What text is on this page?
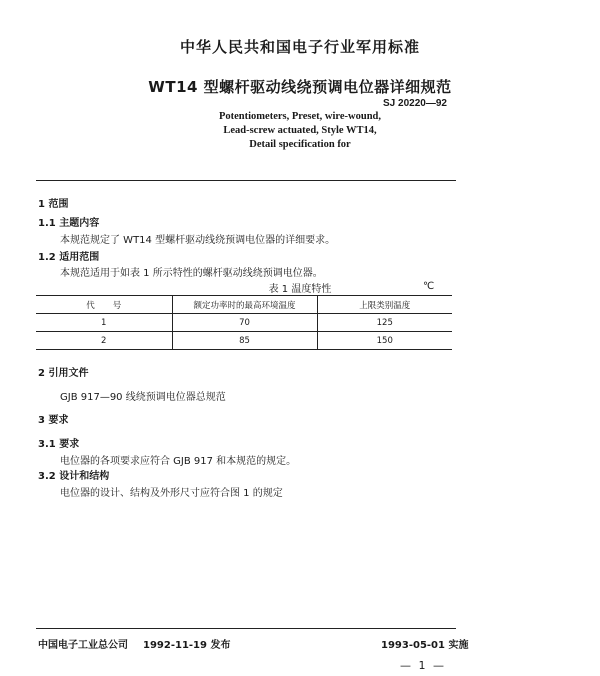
中华人民共和国电子行业军用标准
WT14 型螺杆驱动线绕预调电位器详细规范
SJ 20220—92
Potentiometers, Preset, wire-wound,
Lead-screw actuated, Style WT14,
Detail specification for
1 范围
1.1 主题内容
本规范规定了 WT14 型螺杆驱动线绕预调电位器的详细要求。
1.2 适用范围
本规范适用于如表 1 所示特性的螺杆驱动线绕预调电位器。
表 1 温度特性	℃
代号	额定功率时的最高环境温度	上限类别温度
1	70	125
2	85	150
2 引用文件
GJB 917—90 线绕预调电位器总规范
3 要求
3.1 要求
电位器的各项要求应符合 GJB 917 和本规范的规定。
3.2 设计和结构
电位器的设计、结构及外形尺寸应符合图 1 的规定
中国电子工业总公司 1992-11-19 发布	1993-05-01 实施
— 1 —
